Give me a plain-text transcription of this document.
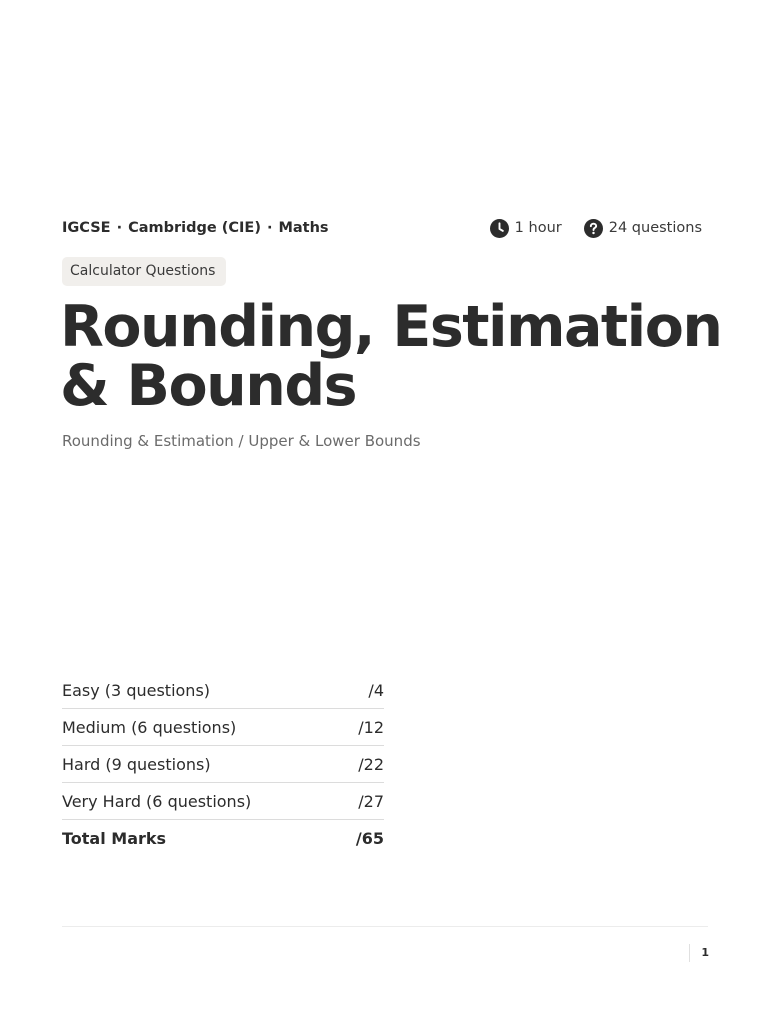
IGCSE · Cambridge (CIE) · Maths	1 hour	24 questions
Calculator Questions
Rounding, Estimation & Bounds
Rounding & Estimation / Upper & Lower Bounds
Easy (3 questions)	/4
Medium (6 questions)	/12
Hard (9 questions)	/22
Very Hard (6 questions)	/27
Total Marks	/65
1
